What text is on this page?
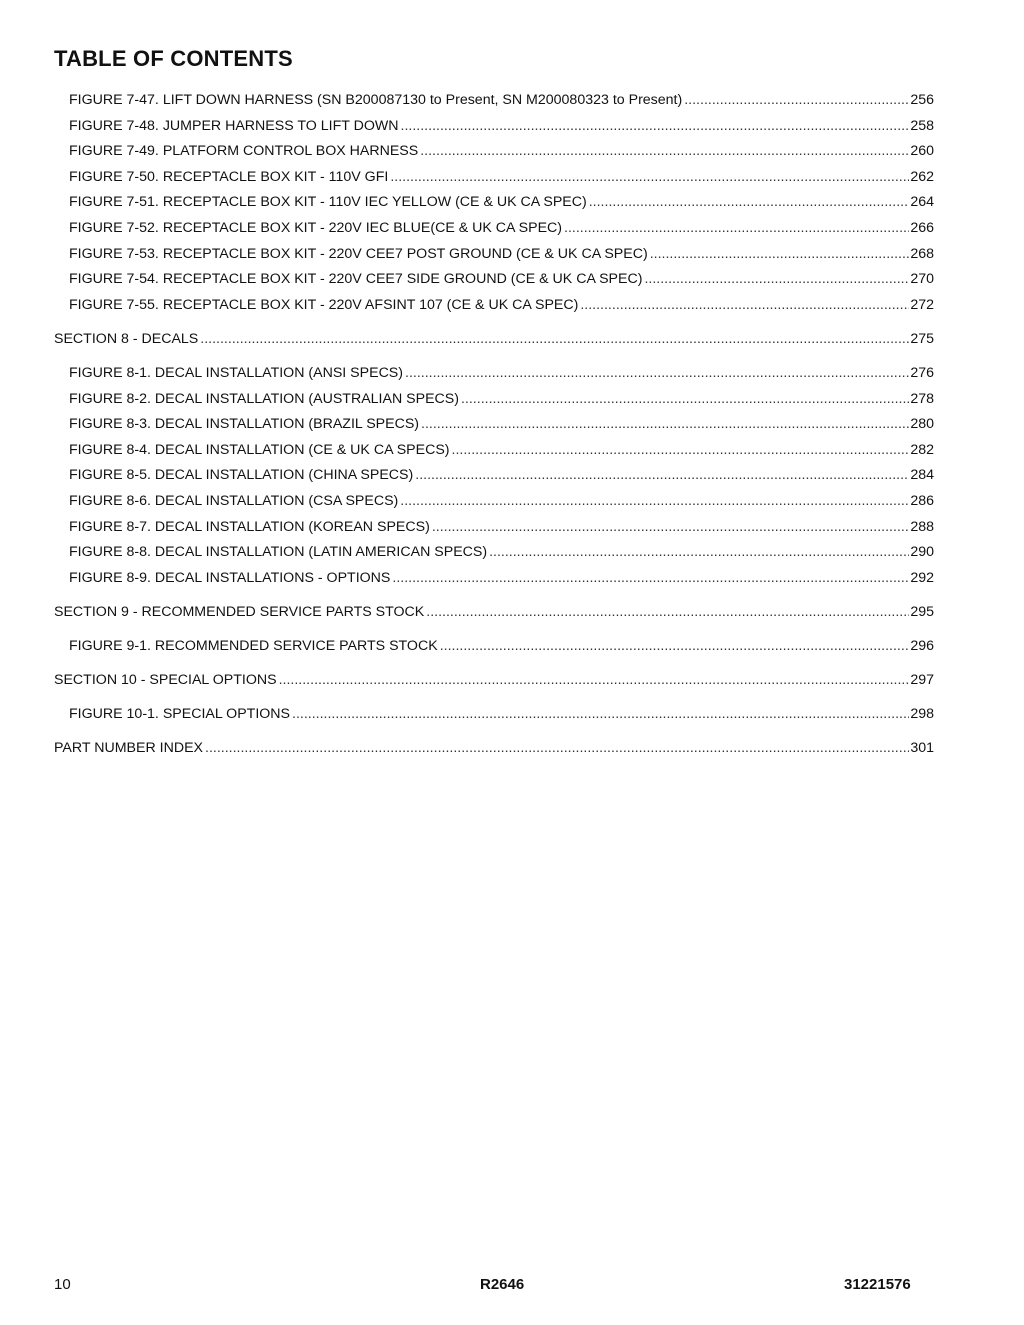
TABLE OF CONTENTS
FIGURE 7-47. LIFT DOWN HARNESS (SN B200087130 to Present, SN M200080323 to Present) .....	256
FIGURE 7-48. JUMPER HARNESS TO LIFT DOWN .....	258
FIGURE 7-49. PLATFORM CONTROL BOX HARNESS .....	260
FIGURE 7-50. RECEPTACLE BOX KIT - 110V GFI .....	262
FIGURE 7-51. RECEPTACLE BOX KIT - 110V IEC YELLOW (CE & UK CA SPEC) .....	264
FIGURE 7-52. RECEPTACLE BOX KIT - 220V IEC BLUE(CE & UK CA SPEC) .....	266
FIGURE 7-53. RECEPTACLE BOX KIT - 220V CEE7 POST GROUND (CE & UK CA SPEC) .....	268
FIGURE 7-54. RECEPTACLE BOX KIT - 220V CEE7 SIDE GROUND (CE & UK CA SPEC) .....	270
FIGURE 7-55. RECEPTACLE BOX KIT - 220V AFSINT 107 (CE & UK CA SPEC) .....	272
SECTION 8 - DECALS .....	275
FIGURE 8-1. DECAL INSTALLATION (ANSI SPECS) .....	276
FIGURE 8-2. DECAL INSTALLATION (AUSTRALIAN SPECS) .....	278
FIGURE 8-3. DECAL INSTALLATION (BRAZIL SPECS) .....	280
FIGURE 8-4. DECAL INSTALLATION (CE & UK CA SPECS) .....	282
FIGURE 8-5. DECAL INSTALLATION (CHINA SPECS) .....	284
FIGURE 8-6. DECAL INSTALLATION (CSA SPECS) .....	286
FIGURE 8-7. DECAL INSTALLATION (KOREAN SPECS) .....	288
FIGURE 8-8. DECAL INSTALLATION (LATIN AMERICAN SPECS) .....	290
FIGURE 8-9. DECAL INSTALLATIONS - OPTIONS .....	292
SECTION 9 - RECOMMENDED SERVICE PARTS STOCK .....	295
FIGURE 9-1. RECOMMENDED SERVICE PARTS STOCK .....	296
SECTION 10 - SPECIAL OPTIONS .....	297
FIGURE 10-1. SPECIAL OPTIONS .....	298
PART NUMBER INDEX .....	301
10	R2646	31221576
